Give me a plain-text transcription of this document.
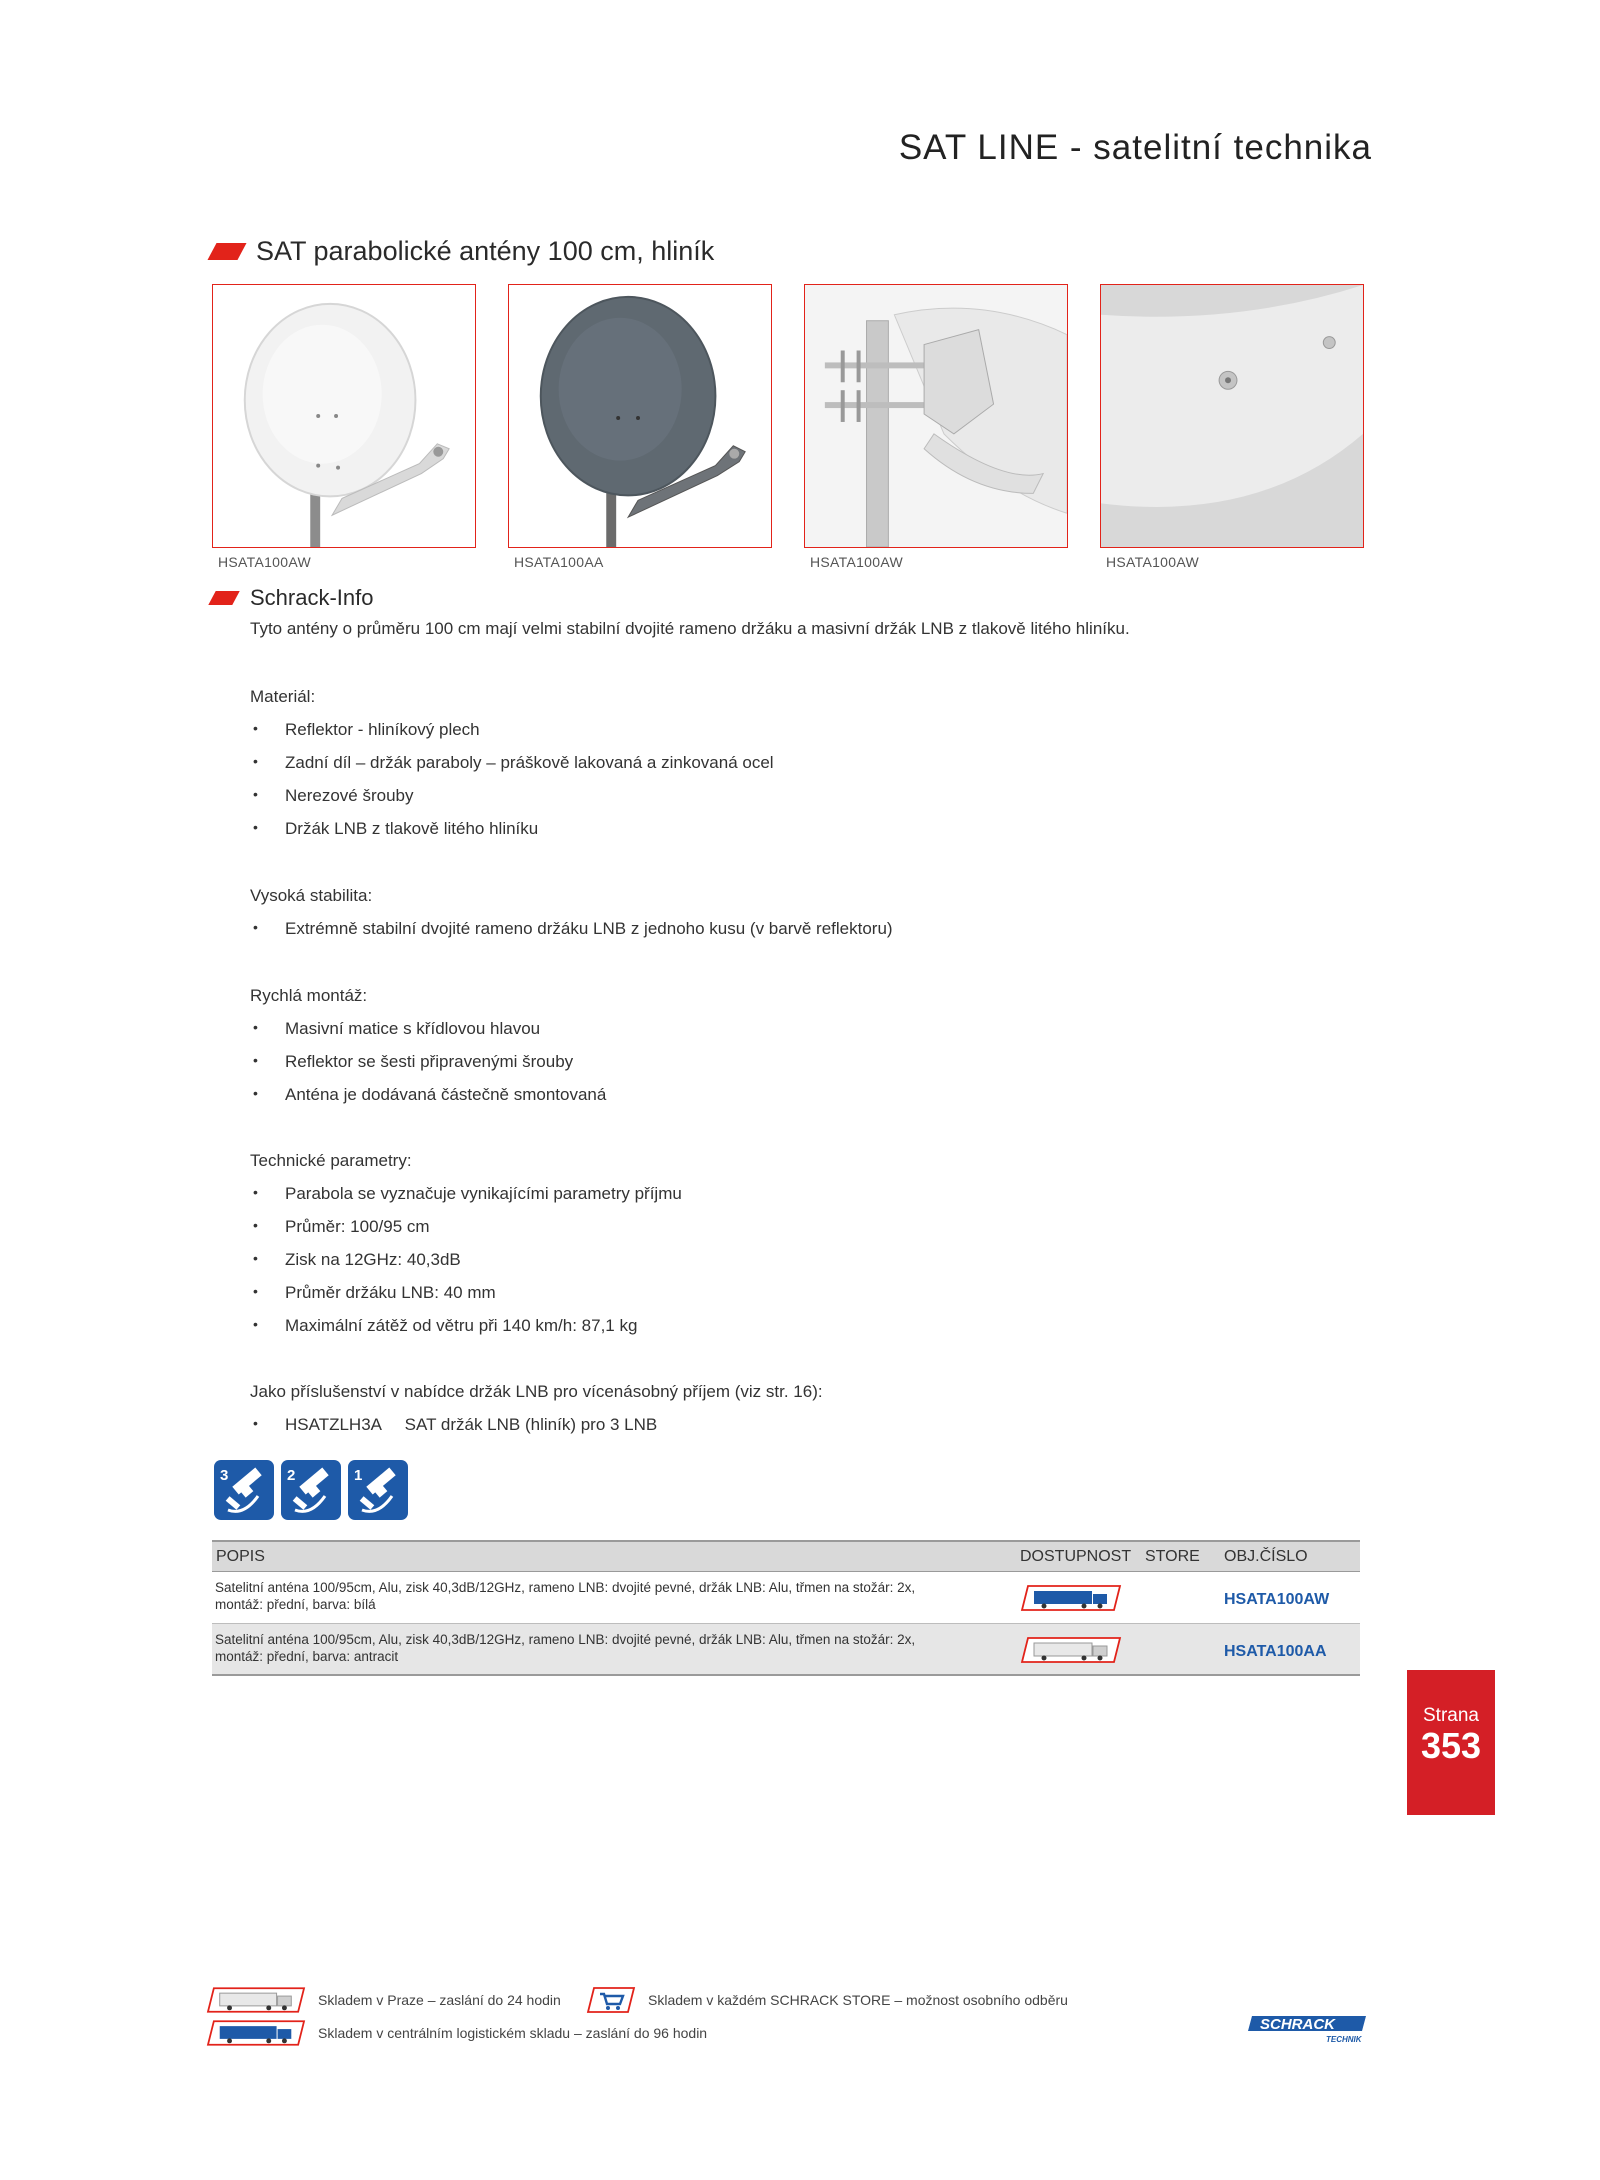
SAT LINE - satelitní technika
SAT parabolické antény 100 cm, hliník
HSATA100AW	HSATA100AA	HSATA100AW	HSATA100AW
Schrack-Info
Tyto antény o průměru 100 cm mají velmi stabilní dvojité rameno držáku a masivní držák LNB z tlakově litého hliníku.
Materiál:
•	Reflektor - hliníkový plech
•	Zadní díl – držák paraboly – práškově lakovaná a zinkovaná ocel
•	Nerezové šrouby
•	Držák LNB z tlakově litého hliníku
Vysoká stabilita:
•	Extrémně stabilní dvojité rameno držáku LNB z jednoho kusu (v barvě reflektoru)
Rychlá montáž:
•	Masivní matice s křídlovou hlavou
•	Reflektor se šesti připravenými šrouby
•	Anténa je dodávaná částečně smontovaná
Technické parametry:
•	Parabola se vyznačuje vynikajícími parametry příjmu
•	Průměr: 100/95 cm
•	Zisk na 12GHz: 40,3dB
•	Průměr držáku LNB: 40 mm
•	Maximální zátěž od větru při 140 km/h: 87,1 kg
Jako příslušenství v nabídce držák LNB pro vícenásobný příjem (viz str. 16):
•	HSATZLH3A     SAT držák LNB (hliník) pro 3 LNB
3	2	1
POPIS	DOSTUPNOST STORE OBJ.ČÍSLO
Satelitní anténa 100/95cm, Alu, zisk 40,3dB/12GHz, rameno LNB: dvojité pevné, držák LNB: Alu, třmen na stožár: 2x,
montáž: přední, barva: bílá	HSATA100AW
Satelitní anténa 100/95cm, Alu, zisk 40,3dB/12GHz, rameno LNB: dvojité pevné, držák LNB: Alu, třmen na stožár: 2x,
montáž: přední, barva: antracit	HSATA100AA
Strana
353
Skladem v Praze – zaslání do 24 hodin	Skladem v každém SCHRACK STORE – možnost osobního odběru
Skladem v centrálním logistickém skladu – zaslání do 96 hodin	SCHRACK
TECHNIK
